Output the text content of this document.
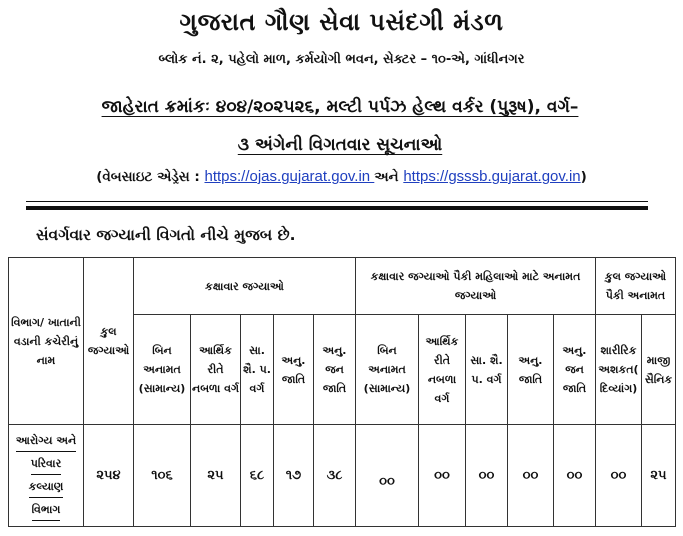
ગુજરાત ગૌણ સેવા પસંદગી મંડળ
બ્લોક નં. ૨, પહેલો માળ, કર્મયોગી ભવન, સેક્ટર – ૧૦-એ, ગાંધીનગર
જાહેરાત ક્રમાંકઃ ૪૦૪/૨૦૨૫૨૬, મલ્ટી પર્પઝ હેલ્થ વર્કર (પુરૂષ), વર્ગ–
૩ અંગેની વિગતવાર સૂચનાઓ
(વેબસાઇટ એડ્રેસ : https://ojas.gujarat.gov.in અને https://gsssb.gujarat.gov.in)
સંવર્ગવાર જગ્યાની વિગતો નીચે મુજબ છે.
વિભાગ/ ખાતાની વડાની કચેરીનું નામ	કુલ જગ્યાઓ	કક્ષાવાર જગ્યાઓ					કક્ષાવાર જગ્યાઓ પૈકી મહિલાઓ માટે અનામત જગ્યાઓ					કુલ જગ્યાઓ પૈકી અનામત	
		બિન અનામત (સામાન્ય)	આર્થિક રીતે નબળા વર્ગ	સા. શૈ. પ. વર્ગ	અનુ. જાતિ	અનુ. જન જાતિ	બિન અનામત (સામાન્ય)	આર્થિક રીતે નબળા વર્ગ	સા. શૈ. પ. વર્ગ	અનુ. જાતિ	અનુ. જન જાતિ	શારીરિક અશકત( દિવ્યાંગ)	માજી સૈનિક
આરોગ્ય અને
પરિવાર
કલ્યાણ
વિભાગ	૨૫૪	૧૦૬	૨૫	૬૮	૧૭	૩૮	૦૦	૦૦	૦૦	૦૦	૦૦	૦૦	૨૫
